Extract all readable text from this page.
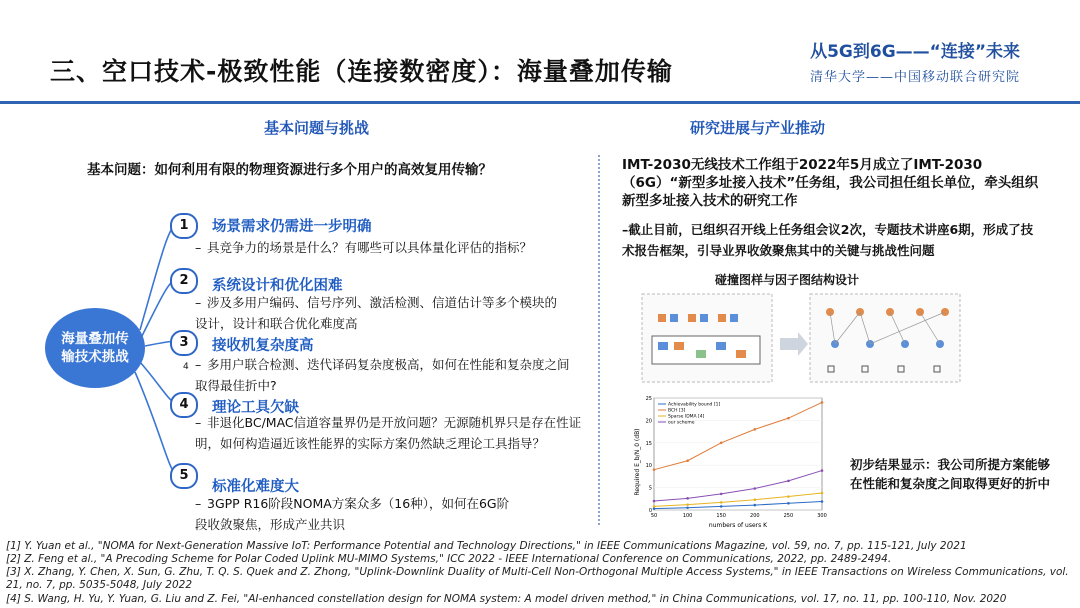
三、空口技术-极致性能（连接数密度）：海量叠加传输
从5G到6G——“连接”未来
清华大学——中国移动联合研究院
基本问题与挑战	研究进展与产业推动
基本问题：如何利用有限的物理资源进行多个用户的高效复用传输？
海量叠加传输技术挑战
1	场景需求仍需进一步明确
– 具竞争力的场景是什么？有哪些可以具体量化评估的指标？
2	系统设计和优化困难
– 涉及多用户编码、信号序列、激活检测、信道估计等多个模块的设计，设计和联合优化难度高
3	接收机复杂度高
4 – 多用户联合检测、迭代译码复杂度极高，如何在性能和复杂度之间取得最佳折中?
4	理论工具欠缺
– 非退化BC/MAC信道容量界仍是开放问题？无源随机界只是存在性证明，如何构造逼近该性能界的实际方案仍然缺乏理论工具指导？
5
标准化难度大
– 3GPP R16阶段NOMA方案众多（16种），如何在6G阶段收敛聚焦，形成产业共识
IMT-2030无线技术工作组于2022年5月成立了IMT-2030（6G）“新型多址接入技术”任务组，我公司担任组长单位，牵头组织新型多址接入技术的研究工作
–截止目前，已组织召开线上任务组会议2次，专题技术讲座6期，形成了技术报告框架，引导业界收敛聚焦其中的关键与挑战性问题
碰撞图样与因子图结构设计
Required E_b/N_0 (dB)
numbers of users K
50	100	150	200	250	300
0
5
10
15
20
25
Achievability bound [1]
BCH [3]
Sparse IDMA [4]
our scheme
初步结果显示：我公司所提方案能够在性能和复杂度之间取得更好的折中
[1] Y. Yuan et al., "NOMA for Next-Generation Massive IoT: Performance Potential and Technology Directions," in IEEE Communications Magazine, vol. 59, no. 7, pp. 115-121, July 2021
[2] Z. Feng et al., "A Precoding Scheme for Polar Coded Uplink MU-MIMO Systems," ICC 2022 - IEEE International Conference on Communications, 2022, pp. 2489-2494.
[3] X. Zhang, Y. Chen, X. Sun, G. Zhu, T. Q. S. Quek and Z. Zhong, "Uplink-Downlink Duality of Multi-Cell Non-Orthogonal Multiple Access Systems," in IEEE Transactions on Wireless Communications, vol. 21, no. 7, pp. 5035-5048, July 2022
[4] S. Wang, H. Yu, Y. Yuan, G. Liu and Z. Fei, "AI-enhanced constellation design for NOMA system: A model driven method," in China Communications, vol. 17, no. 11, pp. 100-110, Nov. 2020
